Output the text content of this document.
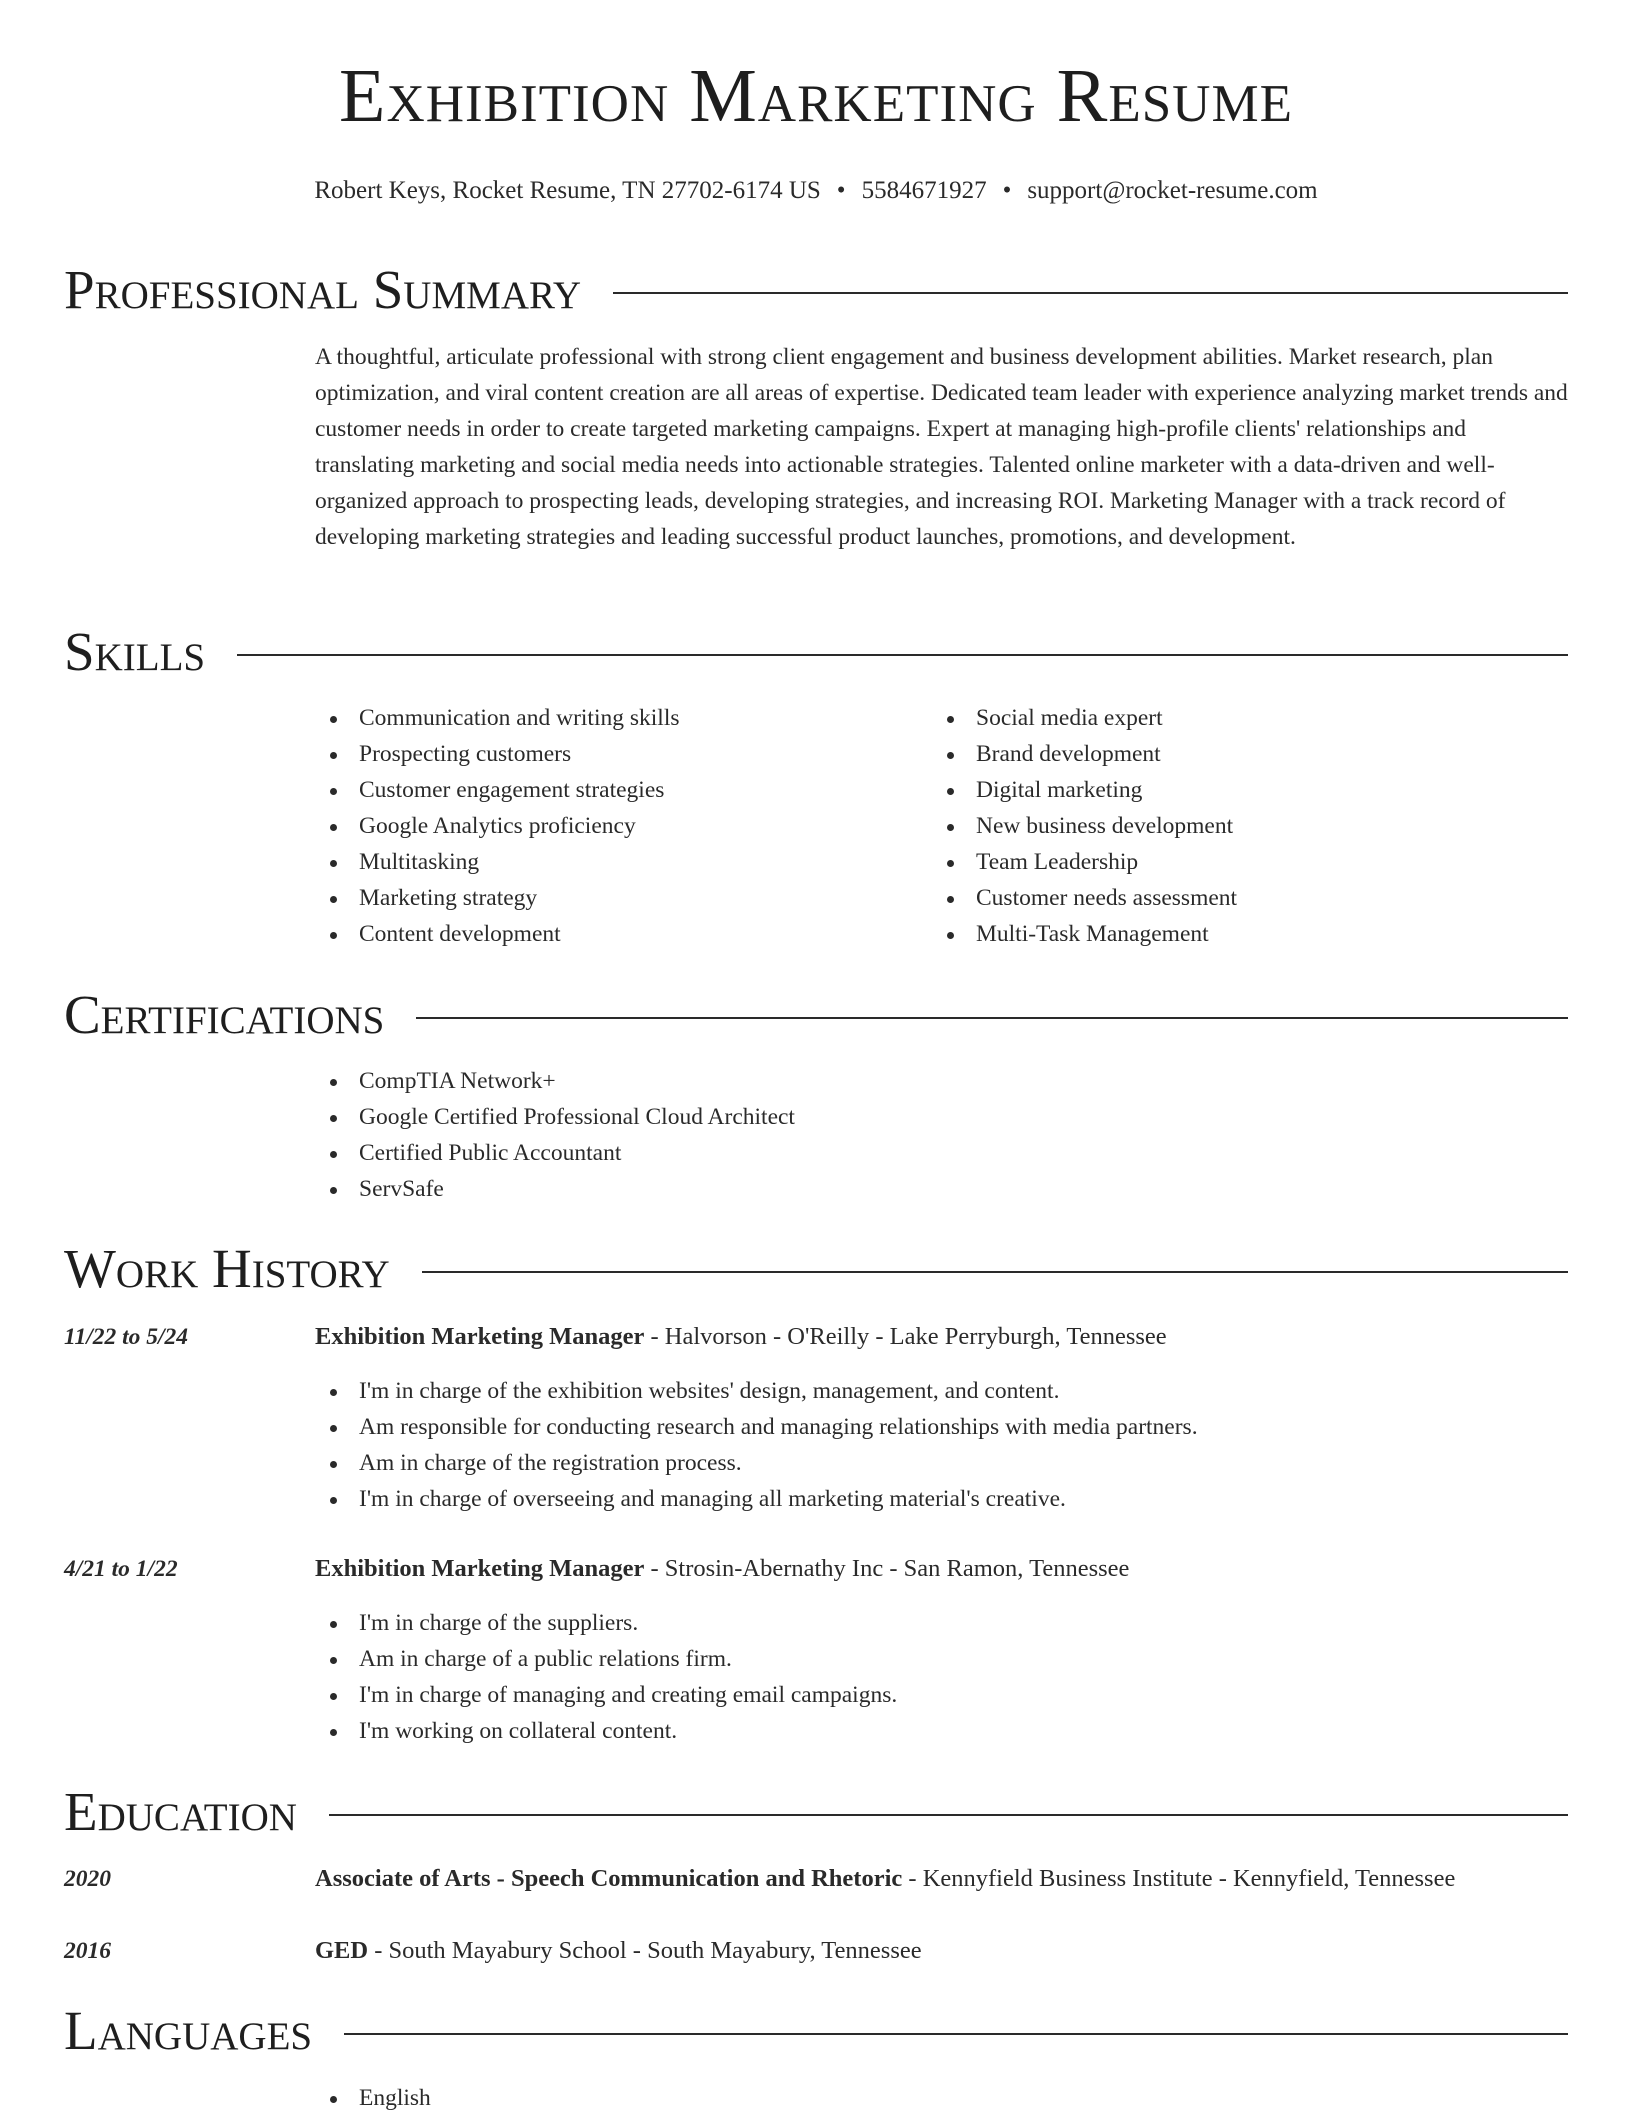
Exhibition Marketing Resume
Robert Keys, Rocket Resume, TN 27702-6174 US • 5584671927 • support@rocket-resume.com
Professional Summary
A thoughtful, articulate professional with strong client engagement and business development abilities. Market research, plan optimization, and viral content creation are all areas of expertise. Dedicated team leader with experience analyzing market trends and customer needs in order to create targeted marketing campaigns. Expert at managing high-profile clients' relationships and translating marketing and social media needs into actionable strategies. Talented online marketer with a data-driven and well-organized approach to prospecting leads, developing strategies, and increasing ROI. Marketing Manager with a track record of developing marketing strategies and leading successful product launches, promotions, and development.
Skills
Communication and writing skills
Prospecting customers
Customer engagement strategies
Google Analytics proficiency
Multitasking
Marketing strategy
Content development
Social media expert
Brand development
Digital marketing
New business development
Team Leadership
Customer needs assessment
Multi-Task Management
Certifications
CompTIA Network+
Google Certified Professional Cloud Architect
Certified Public Accountant
ServSafe
Work History
11/22 to 5/24	Exhibition Marketing Manager - Halvorson - O'Reilly - Lake Perryburgh, Tennessee
I'm in charge of the exhibition websites' design, management, and content.
Am responsible for conducting research and managing relationships with media partners.
Am in charge of the registration process.
I'm in charge of overseeing and managing all marketing material's creative.
4/21 to 1/22	Exhibition Marketing Manager - Strosin-Abernathy Inc - San Ramon, Tennessee
I'm in charge of the suppliers.
Am in charge of a public relations firm.
I'm in charge of managing and creating email campaigns.
I'm working on collateral content.
Education
2020	Associate of Arts - Speech Communication and Rhetoric - Kennyfield Business Institute - Kennyfield, Tennessee
2016	GED - South Mayabury School - South Mayabury, Tennessee
Languages
English
